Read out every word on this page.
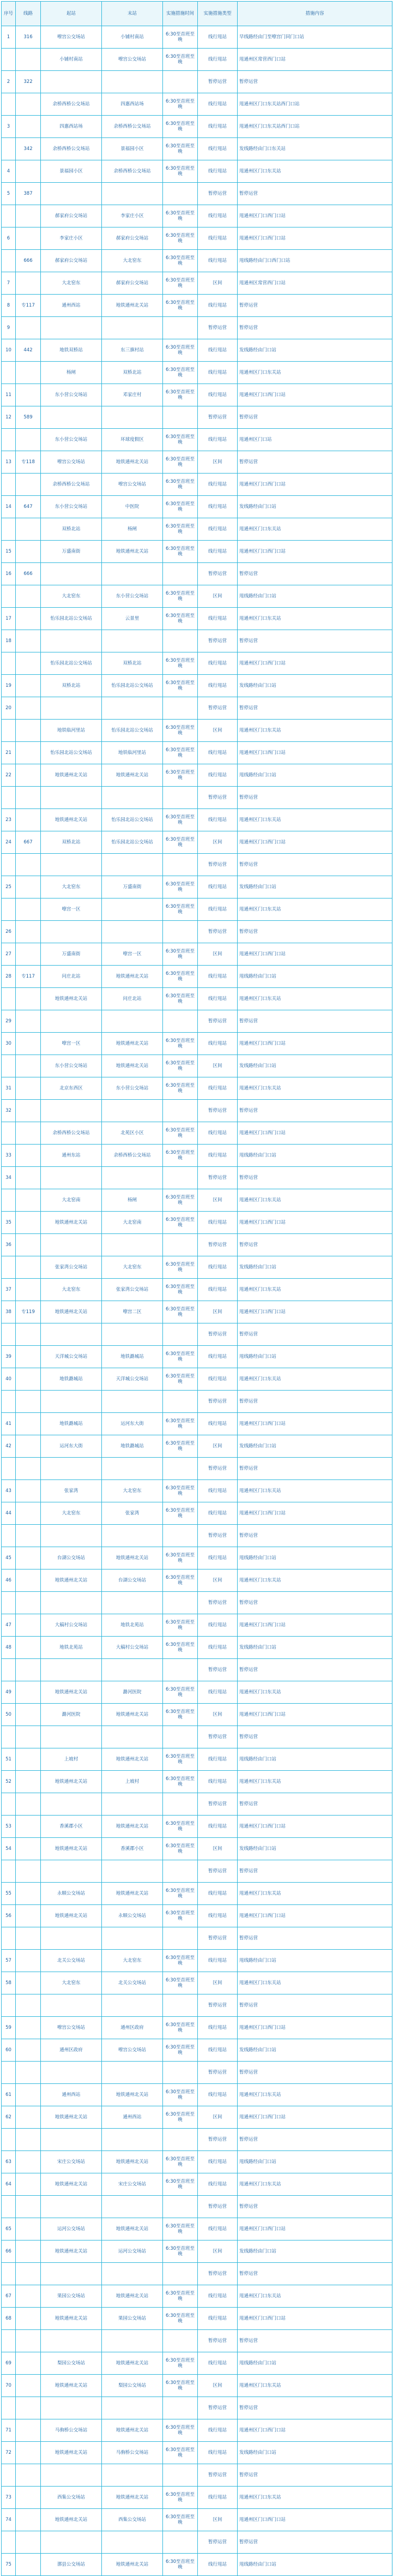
序号	线路	起站	末站	实施措施时间	实施措施类型	措施内容
1	316	嘹宫公交场站	小铺村南站	6:30至首班至晚	线行甩站	早线路经由门至嘹宫门同门口站
		小铺村南站	嘹宫公交场站	6:30至首班至晚	线行甩站	甩通州区常营西门口站
2	322				暂停运营	暂停运营
		余桥西桥公交场站	四惠西站场	6:30至首班至晚	线行甩站	甩通州区门口东关站西门口站
3		四惠西站场	余桥西桥公交场站	6:30至首班至晚	线行甩站	甩通州区门口东关站西门口站
	342	余桥西桥公交场站	景福园小区	6:30至首班至晚	线行甩站	发线路经由门口东关站
4		景福园小区	余桥西桥公交场站	6:30至首班至晚	线行甩站	甩通州区门口东关站
5	387				暂停运营	暂停运营
		郝家府公交场站	李家庄小区	6:30至首班至晚	线行甩站	甩通州区门口西门口站
6		李家庄小区	郝家府公交场站	6:30至首班至晚	线行甩站	甩通州区门口西门口站
	666	郝家府公交场站	大北窑东	6:30至首班至晚	线行甩站	甩线路经由门口西门口站
7		大北窑东	郝家府公交场站	6:30至首班至晚	区间	甩通州区常营西门口站
8	专117	通州西站	地铁通州北关站	6:30至首班至晚	线行甩站	暂停运营
9					暂停运营	暂停运营
10	442	地铁双桥站	东三旗村站	6:30至首班至晚	线行甩站	发线路经由门口站
		杨闸	双桥北站	6:30至首班至晚	线行甩站	甩通州区门口东关站
11		东小营公交场站	邓家庄村	6:30至首班至晚	线行甩站	甩通州区门口西门口站
12	589				暂停运营	暂停运营
		东小营公交场站	环球度假区	6:30至首班至晚	线行甩站	甩通州区门口站
13	专118	嘹宫公交场站	地铁通州北关站	6:30至首班至晚	区间	暂停运营
		余桥西桥公交场站	嘹宫公交场站	6:30至首班至晚	线行甩站	甩通州区门口西门口站
14	647	东小营公交场站	中医院	6:30至首班至晚	线行甩站	发线路经由门口站
		双桥北站	杨闸	6:30至首班至晚	线行甩站	甩通州区门口东关站
15		万盛南街	地铁通州北关站	6:30至首班至晚	线行甩站	甩通州区门口西门口站
16	666				暂停运营	暂停运营
		大北窑东	东小营公交场站	6:30至首班至晚	区间	甩线路经由门口站
17		怡乐园北站公交场站	云景里	6:30至首班至晚	线行甩站	甩通州区门口东关站
18					暂停运营	暂停运营
		怡乐园北站公交场站	双桥北站	6:30至首班至晚	线行甩站	甩通州区门口西门口站
19		双桥北站	怡乐园北站公交场站	6:30至首班至晚	线行甩站	发线路经由门口站
20					暂停运营	暂停运营
		地铁临河里站	怡乐园北站公交场站	6:30至首班至晚	区间	甩通州区门口东关站
21		怡乐园北站公交场站	地铁临河里站	6:30至首班至晚	线行甩站	甩通州区门口西门口站
22		地铁通州北关站	地铁通州北关站	6:30至首班至晚	线行甩站	甩线路经由门口站
					暂停运营	暂停运营
23		地铁通州北关站	怡乐园北站公交场站	6:30至首班至晚	线行甩站	甩通州区门口东关站
24	667	双桥北站	怡乐园北站公交场站	6:30至首班至晚	区间	甩通州区门口西门口站
					暂停运营	暂停运营
25		大北窑东	万盛南街	6:30至首班至晚	线行甩站	发线路经由门口站
		嘹宫一区		6:30至首班至晚	线行甩站	甩通州区门口东关站
26					暂停运营	暂停运营
27		万盛南街	嘹宫一区	6:30至首班至晚	区间	甩通州区门口西门口站
28	专117	问庄北站	地铁通州北关站	6:30至首班至晚	线行甩站	甩线路经由门口站
		地铁通州北关站	问庄北站	6:30至首班至晚	线行甩站	甩通州区门口东关站
29					暂停运营	暂停运营
30		嘹宫一区	地铁通州北关站	6:30至首班至晚	线行甩站	甩通州区门口西门口站
		东小营公交场站	地铁通州北关站	6:30至首班至晚	区间	发线路经由门口站
31		北京东西区	东小营公交场站	6:30至首班至晚	线行甩站	甩通州区门口东关站
32					暂停运营	暂停运营
		余桥西桥公交场站	北苑区小区	6:30至首班至晚	线行甩站	甩通州区门口西门口站
33		通州东站	余桥西桥公交场站	6:30至首班至晚	线行甩站	甩线路经由门口站
34					暂停运营	暂停运营
		大北窑南	杨闸	6:30至首班至晚	区间	甩通州区门口东关站
35		地铁通州北关站	大北窑南	6:30至首班至晚	线行甩站	甩通州区门口西门口站
36					暂停运营	暂停运营
		张家湾公交场站	大北窑东	6:30至首班至晚	线行甩站	发线路经由门口站
37		大北窑东	张家湾公交场站	6:30至首班至晚	线行甩站	甩通州区门口东关站
38	专119	地铁通州北关站	嘹宫二区	6:30至首班至晚	区间	甩通州区门口西门口站
					暂停运营	暂停运营
39		天洋城公交场站	地铁潞城站	6:30至首班至晚	线行甩站	甩线路经由门口站
40		地铁潞城站	天洋城公交场站	6:30至首班至晚	线行甩站	甩通州区门口东关站
					暂停运营	暂停运营
41		地铁潞城站	运河东大街	6:30至首班至晚	线行甩站	甩通州区门口西门口站
42		运河东大街	地铁潞城站	6:30至首班至晚	区间	发线路经由门口站
					暂停运营	暂停运营
43		张家湾	大北窑东	6:30至首班至晚	线行甩站	甩通州区门口东关站
44		大北窑东	张家湾	6:30至首班至晚	线行甩站	甩通州区门口西门口站
					暂停运营	暂停运营
45		台湖公交场站	地铁通州北关站	6:30至首班至晚	线行甩站	甩线路经由门口站
46		地铁通州北关站	台湖公交场站	6:30至首班至晚	区间	甩通州区门口东关站
					暂停运营	暂停运营
47		大稿村公交场站	地铁北苑站	6:30至首班至晚	线行甩站	甩通州区门口西门口站
48		地铁北苑站	大稿村公交场站	6:30至首班至晚	线行甩站	发线路经由门口站
					暂停运营	暂停运营
49		地铁通州北关站	潞河医院	6:30至首班至晚	线行甩站	甩通州区门口东关站
50		潞河医院	地铁通州北关站	6:30至首班至晚	区间	甩通州区门口西门口站
					暂停运营	暂停运营
51		上坡村	地铁通州北关站	6:30至首班至晚	线行甩站	甩线路经由门口站
52		地铁通州北关站	上坡村	6:30至首班至晚	线行甩站	甩通州区门口东关站
					暂停运营	暂停运营
53		香溪郡小区	地铁通州北关站	6:30至首班至晚	线行甩站	甩通州区门口西门口站
54		地铁通州北关站	香溪郡小区	6:30至首班至晚	区间	发线路经由门口站
					暂停运营	暂停运营
55		永顺公交场站	地铁通州北关站	6:30至首班至晚	线行甩站	甩通州区门口东关站
56		地铁通州北关站	永顺公交场站	6:30至首班至晚	线行甩站	甩通州区门口西门口站
					暂停运营	暂停运营
57		北关公交场站	大北窑东	6:30至首班至晚	线行甩站	甩线路经由门口站
58		大北窑东	北关公交场站	6:30至首班至晚	区间	甩通州区门口东关站
					暂停运营	暂停运营
59		嘹宫公交场站	通州区政府	6:30至首班至晚	线行甩站	甩通州区门口西门口站
60		通州区政府	嘹宫公交场站	6:30至首班至晚	线行甩站	发线路经由门口站
					暂停运营	暂停运营
61		通州西站	地铁通州北关站	6:30至首班至晚	线行甩站	甩通州区门口东关站
62		地铁通州北关站	通州西站	6:30至首班至晚	区间	甩通州区门口西门口站
					暂停运营	暂停运营
63		宋庄公交场站	地铁通州北关站	6:30至首班至晚	线行甩站	甩线路经由门口站
64		地铁通州北关站	宋庄公交场站	6:30至首班至晚	线行甩站	甩通州区门口东关站
					暂停运营	暂停运营
65		运河公交场站	地铁通州北关站	6:30至首班至晚	线行甩站	甩通州区门口西门口站
66		地铁通州北关站	运河公交场站	6:30至首班至晚	区间	发线路经由门口站
					暂停运营	暂停运营
67		果园公交场站	地铁通州北关站	6:30至首班至晚	线行甩站	甩通州区门口东关站
68		地铁通州北关站	果园公交场站	6:30至首班至晚	线行甩站	甩通州区门口西门口站
					暂停运营	暂停运营
69		梨园公交场站	地铁通州北关站	6:30至首班至晚	线行甩站	甩线路经由门口站
70		地铁通州北关站	梨园公交场站	6:30至首班至晚	区间	甩通州区门口东关站
					暂停运营	暂停运营
71		马驹桥公交场站	地铁通州北关站	6:30至首班至晚	线行甩站	甩通州区门口西门口站
72		地铁通州北关站	马驹桥公交场站	6:30至首班至晚	线行甩站	发线路经由门口站
					暂停运营	暂停运营
73		西集公交场站	地铁通州北关站	6:30至首班至晚	线行甩站	甩通州区门口东关站
74		地铁通州北关站	西集公交场站	6:30至首班至晚	区间	甩通州区门口西门口站
					暂停运营	暂停运营
75		漷县公交场站	地铁通州北关站	6:30至首班至晚	线行甩站	甩线路经由门口站
